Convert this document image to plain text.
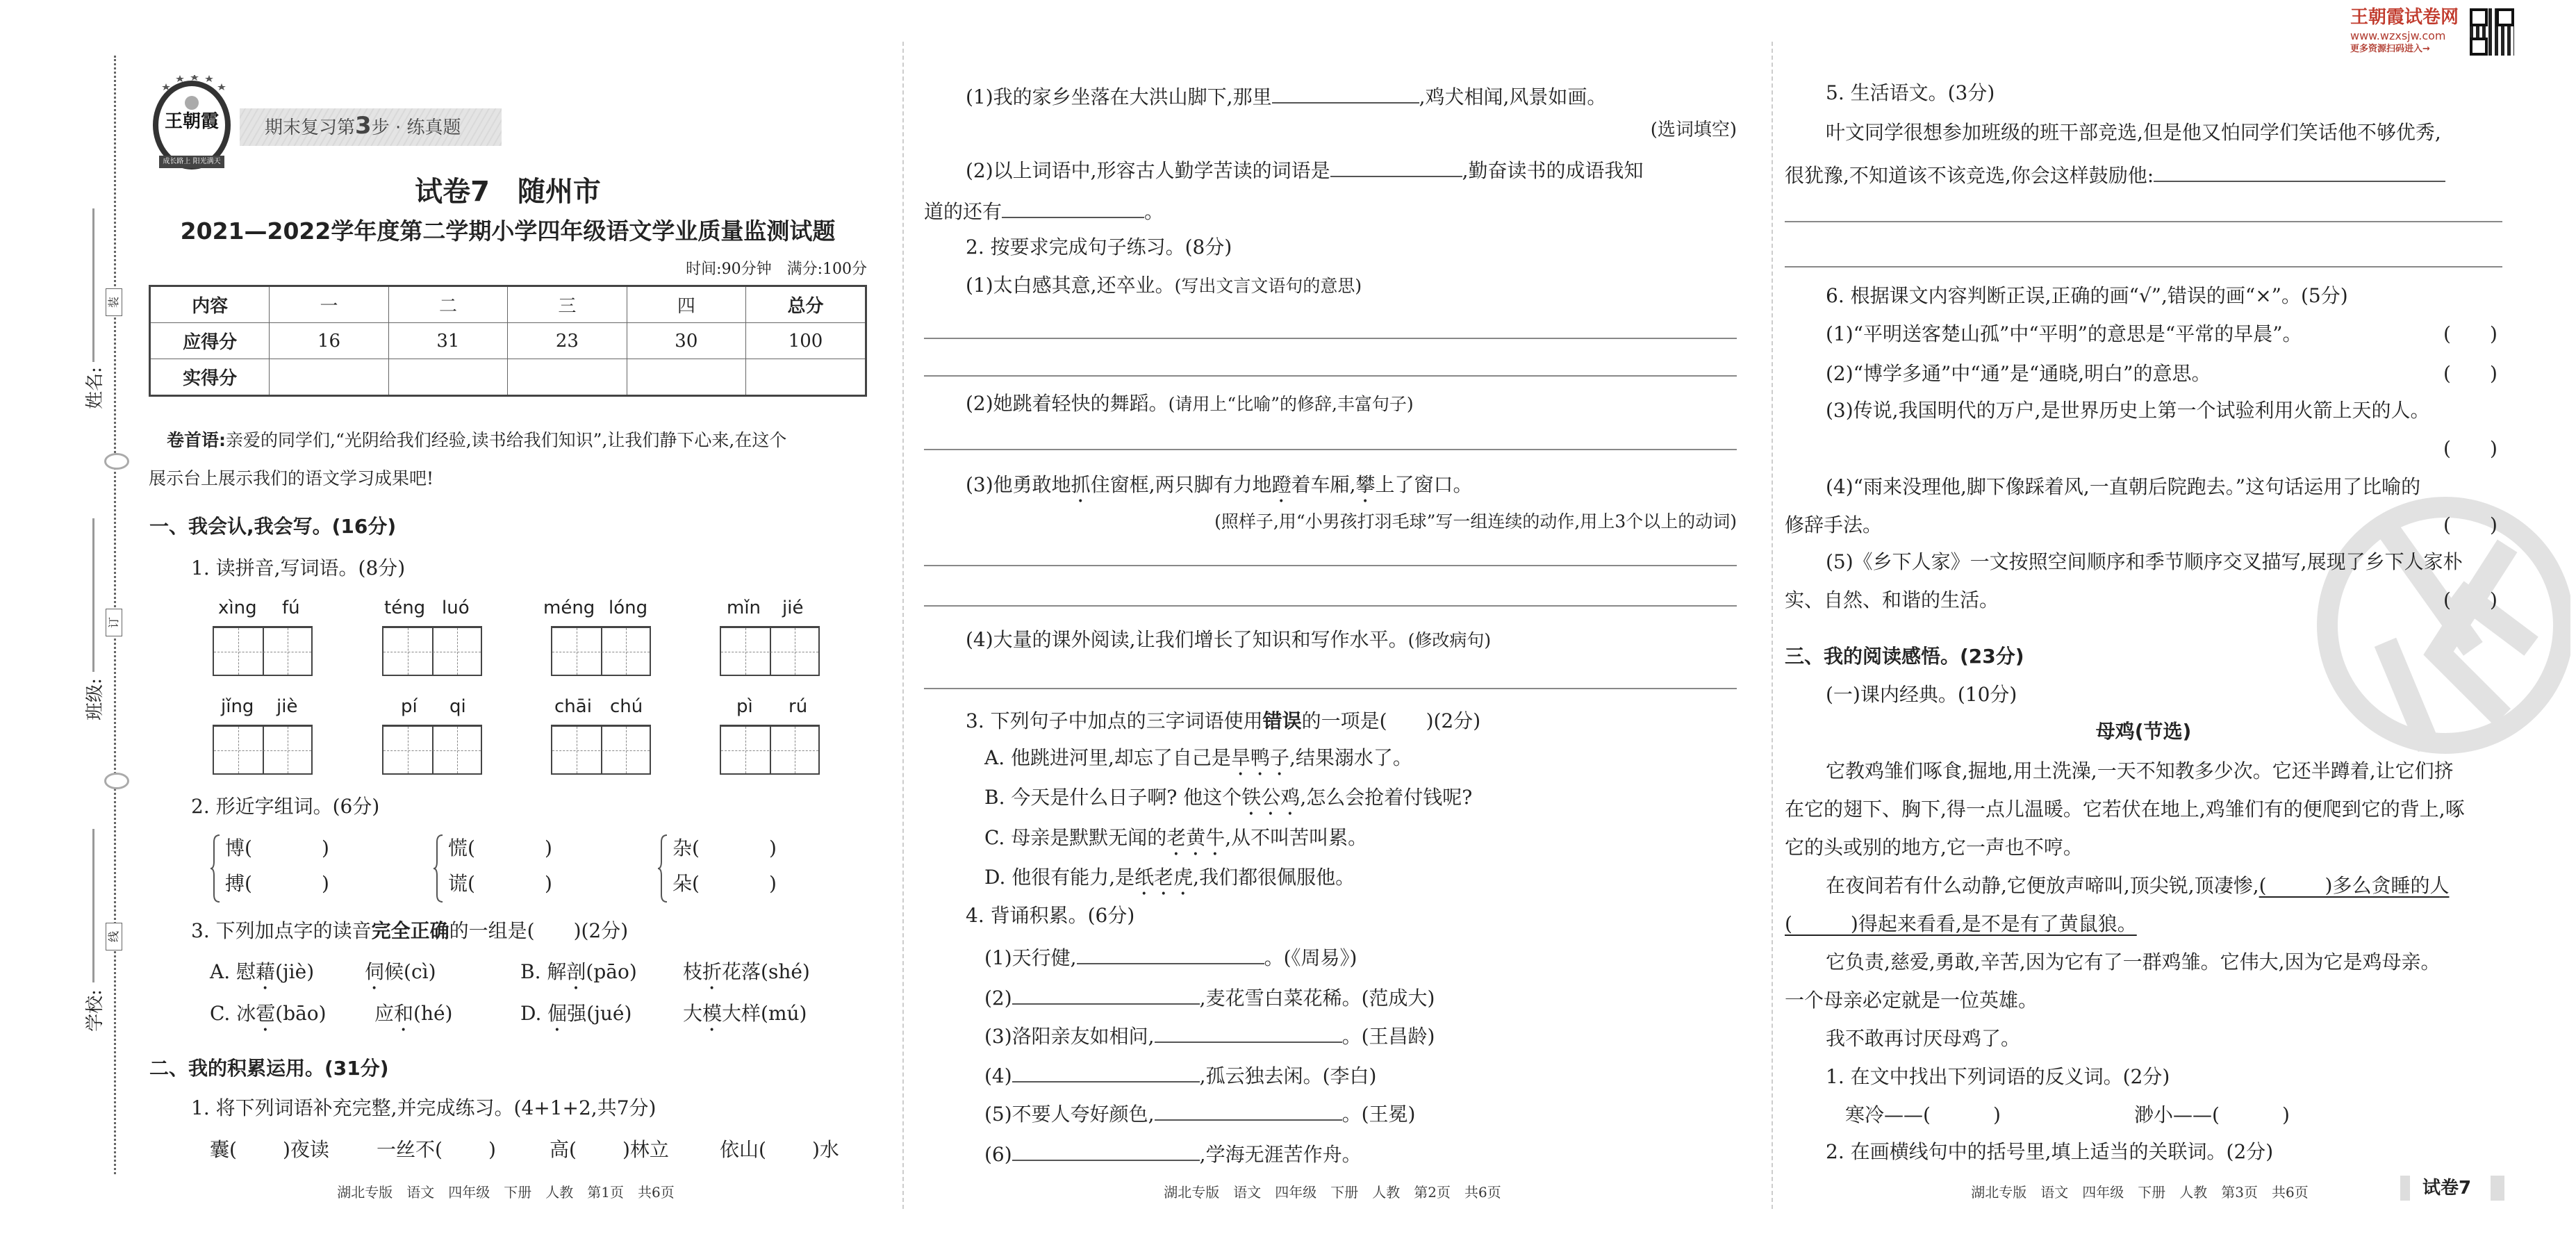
装
订
线
姓名:
班级:
学校:
王朝霞试卷网
www.wzxsjw.com
更多资源扫码进入→
王朝霞
成长路上 阳光满天
期末复习第3步 · 练真题
试卷7　随州市
2021—2022学年度第二学期小学四年级语文学业质量监测试题
时间:90分钟　 满分:100分
内容	一	二	三	四	总分
应得分	16	31	23	30	100
实得分					
卷首语:亲爱的同学们,“光阴给我们经验,读书给我们知识”,让我们静下心来,在这个
展示台上展示我们的语文学习成果吧!
一、我会认,我会写。(16分)
1. 读拼音,写词语。(8分)
xìng fú	téng luó	méng lóng	mǐn jié
jǐng jiè	pí qi	chāi chú	pì rú
2. 形近字组词。(6分)
博(	)
搏(	)
慌(	)
谎(	)
杂(	)
朵(	)
3. 下列加点字的读音完全正确的一组是(　　)(2分)
A. 慰藉(jiè)	伺候(cì)	B. 解剖(pāo) 枝折花落(shé)
C. 冰雹(bāo) 应和(hé)	D. 倔强(jué)	大模大样(mú)
二、我的积累运用。(31分)
1. 将下列词语补充完整,并完成练习。(4+1+2,共7分)
囊( )夜读 一丝不( )	高( )林立	依山( )水
湖北专版　语文　四年级　下册　人教　第1页　共6页
(1)我的家乡坐落在大洪山脚下,那里	,鸡犬相闻,风景如画。
(选词填空)
(2)以上词语中,形容古人勤学苦读的词语是	,勤奋读书的成语我知
道的还有	。
2. 按要求完成句子练习。(8分)
(1)太白感其意,还卒业。(写出文言文语句的意思)
(2)她跳着轻快的舞蹈。(请用上“比喻”的修辞,丰富句子)
(3)他勇敢地抓住窗框,两只脚有力地蹬着车厢,攀上了窗口。
(照样子,用“小男孩打羽毛球”写一组连续的动作,用上3个以上的动词)
(4)大量的课外阅读,让我们增长了知识和写作水平。(修改病句)
3. 下列句子中加点的三字词语使用错误的一项是(　　)(2分)
A. 他跳进河里,却忘了自己是旱鸭子,结果溺水了。
B. 今天是什么日子啊? 他这个铁公鸡,怎么会抢着付钱呢?
C. 母亲是默默无闻的老黄牛,从不叫苦叫累。
D. 他很有能力,是纸老虎,我们都很佩服他。
4. 背诵积累。(6分)
(1)天行健,	。(《周易》)
(2)	,麦花雪白菜花稀。(范成大)
(3)洛阳亲友如相问,	。(王昌龄)
(4)	,孤云独去闲。(李白)
(5)不要人夸好颜色,	。(王冕)
(6)	,学海无涯苦作舟。
湖北专版　语文　四年级　下册　人教　第2页　共6页
5. 生活语文。(3分)
叶文同学很想参加班级的班干部竞选,但是他又怕同学们笑话他不够优秀,
很犹豫,不知道该不该竞选,你会这样鼓励他:
6. 根据课文内容判断正误,正确的画“√”,错误的画“×”。(5分)
(1)“平明送客楚山孤”中“平明”的意思是“平常的早晨”。
(2)“博学多通”中“通”是“通晓,明白”的意思。
(3)传说,我国明代的万户,是世界历史上第一个试验利用火箭上天的人。
(4)“雨来没理他,脚下像踩着风,一直朝后院跑去。”这句话运用了比喻的
修辞手法。
(5)《乡下人家》一文按照空间顺序和季节顺序交叉描写,展现了乡下人家朴
实、自然、和谐的生活。
( )
( )
( )
( )
( )
三、我的阅读感悟。(23分)
(一)课内经典。(10分)
母鸡(节选)
它教鸡雏们啄食,掘地,用土洗澡,一天不知教多少次。它还半蹲着,让它们挤
在它的翅下、胸下,得一点儿温暖。它若伏在地上,鸡雏们有的便爬到它的背上,啄
它的头或别的地方,它一声也不哼。
在夜间若有什么动静,它便放声啼叫,顶尖锐,顶凄惨,(　　　)多么贪睡的人
(　　　)得起来看看,是不是有了黄鼠狼。
它负责,慈爱,勇敢,辛苦,因为它有了一群鸡雏。它伟大,因为它是鸡母亲。
一个母亲必定就是一位英雄。
我不敢再讨厌母鸡了。
1. 在文中找出下列词语的反义词。(2分)
寒冷——(	)	渺小——(	)
2. 在画横线句中的括号里,填上适当的关联词。(2分)
湖北专版　语文　四年级　下册　人教　第3页　共6页	试卷7
